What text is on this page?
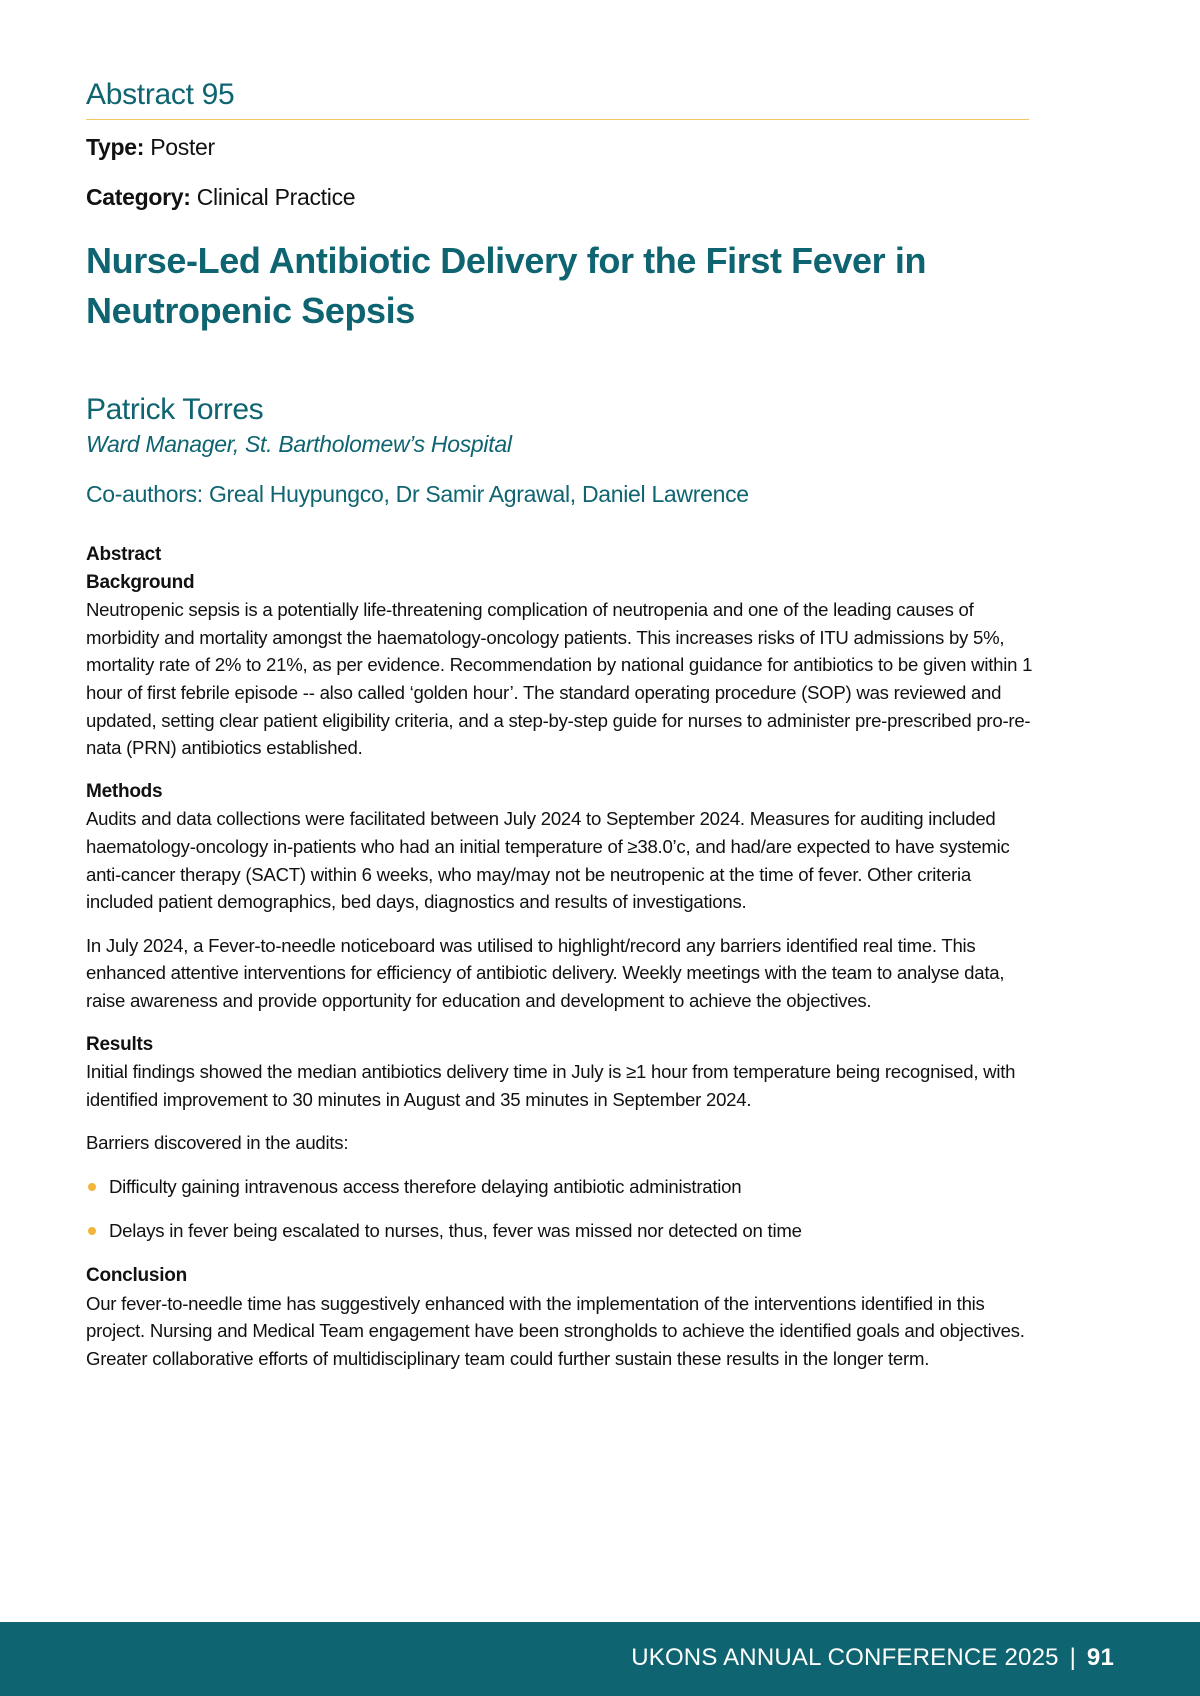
Abstract 95
Type: Poster
Category: Clinical Practice
Nurse-Led Antibiotic Delivery for the First Fever in Neutropenic Sepsis
Patrick Torres
Ward Manager, St. Bartholomew’s Hospital
Co-authors: Greal Huypungco, Dr Samir Agrawal, Daniel Lawrence
Abstract
Background

Neutropenic sepsis is a potentially life-threatening complication of neutropenia and one of the leading causes of morbidity and mortality amongst the haematology-oncology patients. This increases risks of ITU admissions by 5%, mortality rate of 2% to 21%, as per evidence. Recommendation by national guidance for antibiotics to be given within 1 hour of first febrile episode -- also called ‘golden hour’. The standard operating procedure (SOP) was reviewed and updated, setting clear patient eligibility criteria, and a step-by-step guide for nurses to administer pre-prescribed pro-re-nata (PRN) antibiotics established.

Methods

Audits and data collections were facilitated between July 2024 to September 2024. Measures for auditing included haematology-oncology in-patients who had an initial temperature of ≥38.0’c, and had/are expected to have systemic anti-cancer therapy (SACT) within 6 weeks, who may/may not be neutropenic at the time of fever. Other criteria included patient demographics, bed days, diagnostics and results of investigations.

In July 2024, a Fever-to-needle noticeboard was utilised to highlight/record any barriers identified real time. This enhanced attentive interventions for efficiency of antibiotic delivery. Weekly meetings with the team to analyse data, raise awareness and provide opportunity for education and development to achieve the objectives.

Results

Initial findings showed the median antibiotics delivery time in July is ≥1 hour from temperature being recognised, with identified improvement to 30 minutes in August and 35 minutes in September 2024.

Barriers discovered in the audits:

Difficulty gaining intravenous access therefore delaying antibiotic administration
Delays in fever being escalated to nurses, thus, fever was missed nor detected on time
Conclusion

Our fever-to-needle time has suggestively enhanced with the implementation of the interventions identified in this project. Nursing and Medical Team engagement have been strongholds to achieve the identified goals and objectives. Greater collaborative efforts of multidisciplinary team could further sustain these results in the longer term.

UKONS ANNUAL CONFERENCE 2025 | 91
